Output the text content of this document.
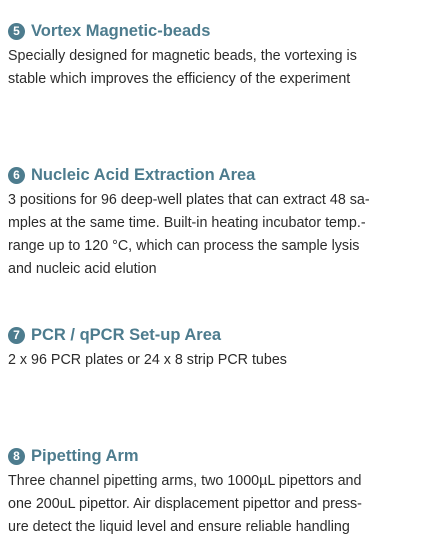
5 Vortex Magnetic-beads
Specially designed for magnetic beads, the vortexing is
stable which improves the efficiency of the experiment
6 Nucleic Acid Extraction Area
3 positions for 96 deep-well plates that can extract 48 sa-
mples at the same time. Built-in heating incubator temp.-
range up to 120 °C, which can process the sample lysis
and nucleic acid elution
7 PCR / qPCR Set-up Area
2 x 96 PCR plates or 24 x 8 strip PCR tubes
8 Pipetting Arm
Three channel pipetting arms, two 1000µL pipettors and
one 200uL pipettor. Air displacement pipettor and press-
ure detect the liquid level and ensure reliable handling
